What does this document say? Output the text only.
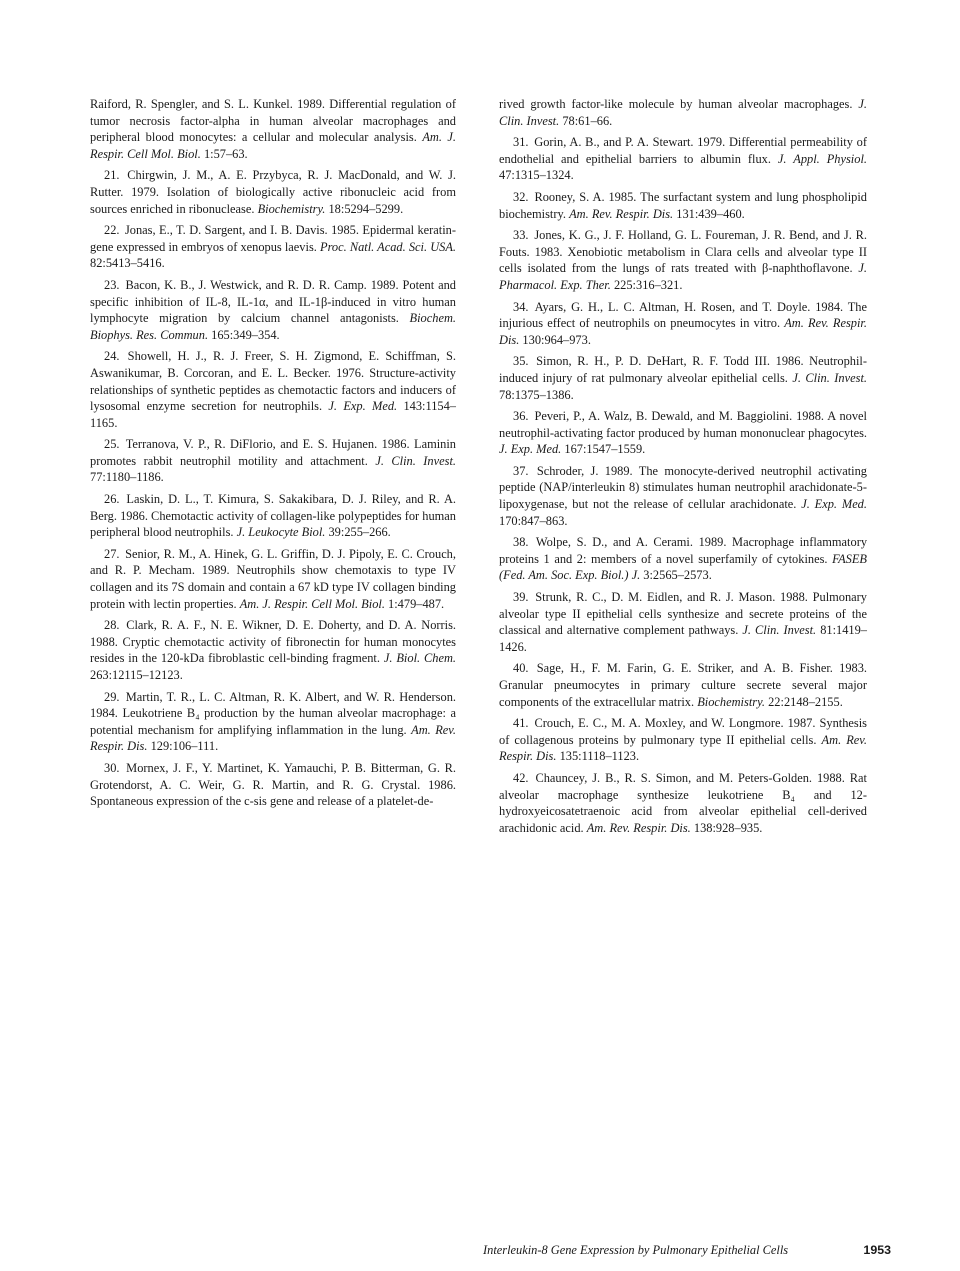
Raiford, R. Spengler, and S. L. Kunkel. 1989. Differential regulation of tumor necrosis factor-alpha in human alveolar macrophages and peripheral blood monocytes: a cellular and molecular analysis. Am. J. Respir. Cell Mol. Biol. 1:57–63.

21. Chirgwin, J. M., A. E. Przybyca, R. J. MacDonald, and W. J. Rutter. 1979. Isolation of biologically active ribonucleic acid from sources enriched in ribonuclease. Biochemistry. 18:5294–5299.

22. Jonas, E., T. D. Sargent, and I. B. Davis. 1985. Epidermal keratin-gene expressed in embryos of xenopus laevis. Proc. Natl. Acad. Sci. USA. 82:5413–5416.

23. Bacon, K. B., J. Westwick, and R. D. R. Camp. 1989. Potent and specific inhibition of IL-8, IL-1α, and IL-1β-induced in vitro human lymphocyte migration by calcium channel antagonists. Biochem. Biophys. Res. Commun. 165:349–354.

24. Showell, H. J., R. J. Freer, S. H. Zigmond, E. Schiffman, S. Aswanikumar, B. Corcoran, and E. L. Becker. 1976. Structure-activity relationships of synthetic peptides as chemotactic factors and inducers of lysosomal enzyme secretion for neutrophils. J. Exp. Med. 143:1154–1165.

25. Terranova, V. P., R. DiFlorio, and E. S. Hujanen. 1986. Laminin promotes rabbit neutrophil motility and attachment. J. Clin. Invest. 77:1180–1186.

26. Laskin, D. L., T. Kimura, S. Sakakibara, D. J. Riley, and R. A. Berg. 1986. Chemotactic activity of collagen-like polypeptides for human peripheral blood neutrophils. J. Leukocyte Biol. 39:255–266.

27. Senior, R. M., A. Hinek, G. L. Griffin, D. J. Pipoly, E. C. Crouch, and R. P. Mecham. 1989. Neutrophils show chemotaxis to type IV collagen and its 7S domain and contain a 67 kD type IV collagen binding protein with lectin properties. Am. J. Respir. Cell Mol. Biol. 1:479–487.

28. Clark, R. A. F., N. E. Wikner, D. E. Doherty, and D. A. Norris. 1988. Cryptic chemotactic activity of fibronectin for human monocytes resides in the 120-kDa fibroblastic cell-binding fragment. J. Biol. Chem. 263:12115–12123.

29. Martin, T. R., L. C. Altman, R. K. Albert, and W. R. Henderson. 1984. Leukotriene B₄ production by the human alveolar macrophage: a potential mechanism for amplifying inflammation in the lung. Am. Rev. Respir. Dis. 129:106–111.

30. Mornex, J. F., Y. Martinet, K. Yamauchi, P. B. Bitterman, G. R. Grotendorst, A. C. Weir, G. R. Martin, and R. G. Crystal. 1986. Spontaneous expression of the c-sis gene and release of a platelet-de-

rived growth factor-like molecule by human alveolar macrophages. J. Clin. Invest. 78:61–66.

31. Gorin, A. B., and P. A. Stewart. 1979. Differential permeability of endothelial and epithelial barriers to albumin flux. J. Appl. Physiol. 47:1315–1324.

32. Rooney, S. A. 1985. The surfactant system and lung phospholipid biochemistry. Am. Rev. Respir. Dis. 131:439–460.

33. Jones, K. G., J. F. Holland, G. L. Foureman, J. R. Bend, and J. R. Fouts. 1983. Xenobiotic metabolism in Clara cells and alveolar type II cells isolated from the lungs of rats treated with β-naphthoflavone. J. Pharmacol. Exp. Ther. 225:316–321.

34. Ayars, G. H., L. C. Altman, H. Rosen, and T. Doyle. 1984. The injurious effect of neutrophils on pneumocytes in vitro. Am. Rev. Respir. Dis. 130:964–973.

35. Simon, R. H., P. D. DeHart, R. F. Todd III. 1986. Neutrophil-induced injury of rat pulmonary alveolar epithelial cells. J. Clin. Invest. 78:1375–1386.

36. Peveri, P., A. Walz, B. Dewald, and M. Baggiolini. 1988. A novel neutrophil-activating factor produced by human mononuclear phagocytes. J. Exp. Med. 167:1547–1559.

37. Schroder, J. 1989. The monocyte-derived neutrophil activating peptide (NAP/interleukin 8) stimulates human neutrophil arachidonate-5-lipoxygenase, but not the release of cellular arachidonate. J. Exp. Med. 170:847–863.

38. Wolpe, S. D., and A. Cerami. 1989. Macrophage inflammatory proteins 1 and 2: members of a novel superfamily of cytokines. FASEB (Fed. Am. Soc. Exp. Biol.) J. 3:2565–2573.

39. Strunk, R. C., D. M. Eidlen, and R. J. Mason. 1988. Pulmonary alveolar type II epithelial cells synthesize and secrete proteins of the classical and alternative complement pathways. J. Clin. Invest. 81:1419–1426.

40. Sage, H., F. M. Farin, G. E. Striker, and A. B. Fisher. 1983. Granular pneumocytes in primary culture secrete several major components of the extracellular matrix. Biochemistry. 22:2148–2155.

41. Crouch, E. C., M. A. Moxley, and W. Longmore. 1987. Synthesis of collagenous proteins by pulmonary type II epithelial cells. Am. Rev. Respir. Dis. 135:1118–1123.

42. Chauncey, J. B., R. S. Simon, and M. Peters-Golden. 1988. Rat alveolar macrophage synthesize leukotriene B₄ and 12-hydroxyeicosatetraenoic acid from alveolar epithelial cell-derived arachidonic acid. Am. Rev. Respir. Dis. 138:928–935.

Interleukin-8 Gene Expression by Pulmonary Epithelial Cells	1953
